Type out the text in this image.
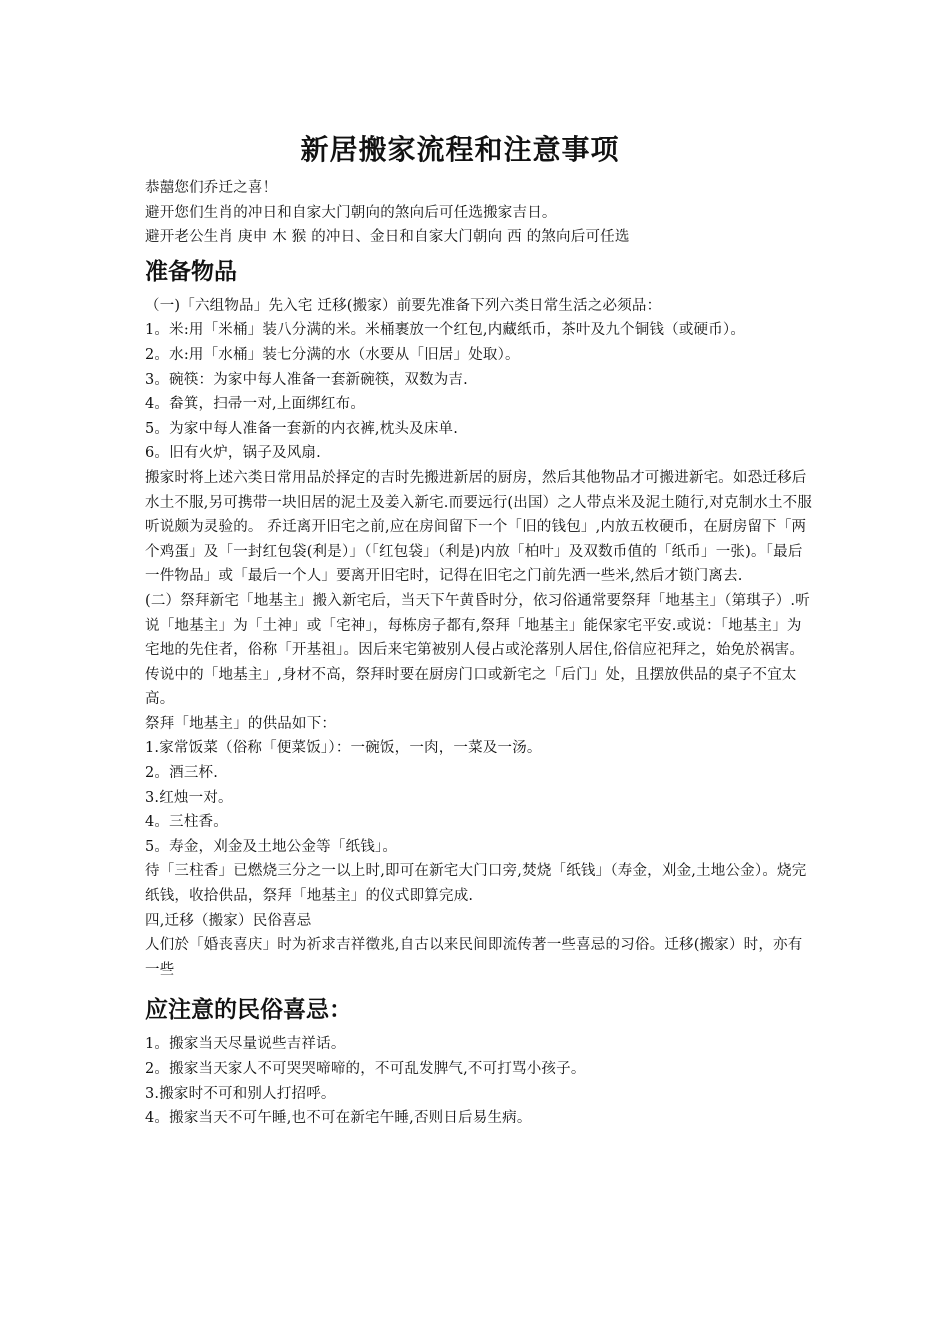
新居搬家流程和注意事项

恭囍您们乔迁之喜！

避开您们生肖的冲日和自家大门朝向的煞向后可任选搬家吉日。

避开老公生肖 庚申 木 猴 的冲日、金日和自家大门朝向 西 的煞向后可任选

准备物品

（一)「六组物品」先入宅 迁移(搬家）前要先准备下列六类日常生活之必须品：

1。米:用「米桶」装八分满的米。米桶裹放一个红包,内藏纸币，茶叶及九个铜钱（或硬币）。

2。水:用「水桶」装七分满的水（水要从「旧居」处取）。

3。碗筷：为家中每人准备一套新碗筷，双数为吉.

4。畚箕，扫帚一对,上面绑红布。

5。为家中每人准备一套新的内衣裤,枕头及床单.

6。旧有火炉，锅子及风扇.

搬家时将上述六类日常用品於择定的吉时先搬进新居的厨房，然后其他物品才可搬进新宅。如恐迁移后水土不服,另可携带一块旧居的泥土及姜入新宅.而要远行(出国）之人带点米及泥土随行,对克制水土不服听说颇为灵验的。 乔迁离开旧宅之前,应在房间留下一个「旧的钱包」,内放五枚硬币，在厨房留下「两个鸡蛋」及「一封红包袋(利是）」（「红包袋」（利是)内放「柏叶」及双数币值的「纸币」一张)。「最后一件物品」或「最后一个人」要离开旧宅时，记得在旧宅之门前先洒一些米,然后才锁门离去.

(二）祭拜新宅「地基主」搬入新宅后，当天下午黄昏时分，依习俗通常要祭拜「地基主」（第琪子）.听说「地基主」为「土神」或「宅神」，每栋房子都有,祭拜「地基主」能保家宅平安.或说：「地基主」为宅地的先住者，俗称「开基祖」。因后来宅第被别人侵占或沦落别人居住,俗信应祀拜之，始免於祸害。传说中的「地基主」,身材不高，祭拜时要在厨房门口或新宅之「后门」处，且摆放供品的桌子不宜太高。

祭拜「地基主」的供品如下：

1.家常饭菜（俗称「便菜饭」）：一碗饭，一肉，一菜及一汤。

2。酒三杯.

3.红烛一对。

4。三柱香。

5。寿金，刈金及土地公金等「纸钱」。

待「三柱香」已燃烧三分之一以上时,即可在新宅大门口旁,焚烧「纸钱」（寿金，刈金,土地公金）。烧完纸钱，收拾供品，祭拜「地基主」的仪式即算完成.

四,迁移（搬家）民俗喜忌

人们於「婚丧喜庆」时为祈求吉祥徵兆,自古以来民间即流传著一些喜忌的习俗。迁移(搬家）时，亦有一些

应注意的民俗喜忌：

1。搬家当天尽量说些吉祥话。

2。搬家当天家人不可哭哭啼啼的，不可乱发脾气,不可打骂小孩子。

3.搬家时不可和别人打招呼。

4。搬家当天不可午睡,也不可在新宅午睡,否则日后易生病。
